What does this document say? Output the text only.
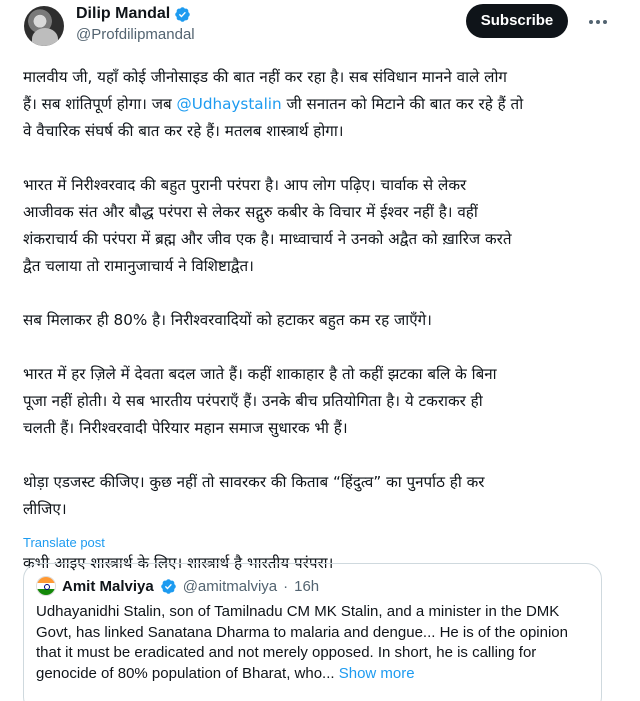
Dilip Mandal
@Profdilipmandal
Subscribe

मालवीय जी, यहाँ कोई जीनोसाइड की बात नहीं कर रहा है। सब संविधान मानने वाले लोग
हैं। सब शांतिपूर्ण होगा। जब @Udhaystalin जी सनातन को मिटाने की बात कर रहे हैं तो
वे वैचारिक संघर्ष की बात कर रहे हैं। मतलब शास्त्रार्थ होगा।

भारत में निरीश्वरवाद की बहुत पुरानी परंपरा है। आप लोग पढ़िए। चार्वाक से लेकर
आजीवक संत और बौद्ध परंपरा से लेकर सद्गुरु कबीर के विचार में ईश्वर नहीं है। वहीं
शंकराचार्य की परंपरा में ब्रह्म और जीव एक है। माध्वाचार्य ने उनको अद्वैत को ख़ारिज करते
द्वैत चलाया तो रामानुजाचार्य ने विशिष्टाद्वैत।

सब मिलाकर ही 80% है। निरीश्वरवादियों को हटाकर बहुत कम रह जाएँगे।

भारत में हर ज़िले में देवता बदल जाते हैं। कहीं शाकाहार है तो कहीं झटका बलि के बिना
पूजा नहीं होती। ये सब भारतीय परंपराएँ हैं। उनके बीच प्रतियोगिता है। ये टकराकर ही
चलती हैं। निरीश्वरवादी पेरियार महान समाज सुधारक भी हैं।

थोड़ा एडजस्ट कीजिए। कुछ नहीं तो सावरकर की किताब “हिंदुत्व” का पुनर्पाठ ही कर
लीजिए।

कभी आइए शास्त्रार्थ के लिए। शास्त्रार्थ है भारतीय परंपरा।

Translate post
Amit Malviya @amitmalviya · 16h
Udhayanidhi Stalin, son of Tamilnadu CM MK Stalin, and a minister in the DMK Govt, has linked Sanatana Dharma to malaria and dengue... He is of the opinion that it must be eradicated and not merely opposed. In short, he is calling for genocide of 80% population of Bharat, who... Show more
